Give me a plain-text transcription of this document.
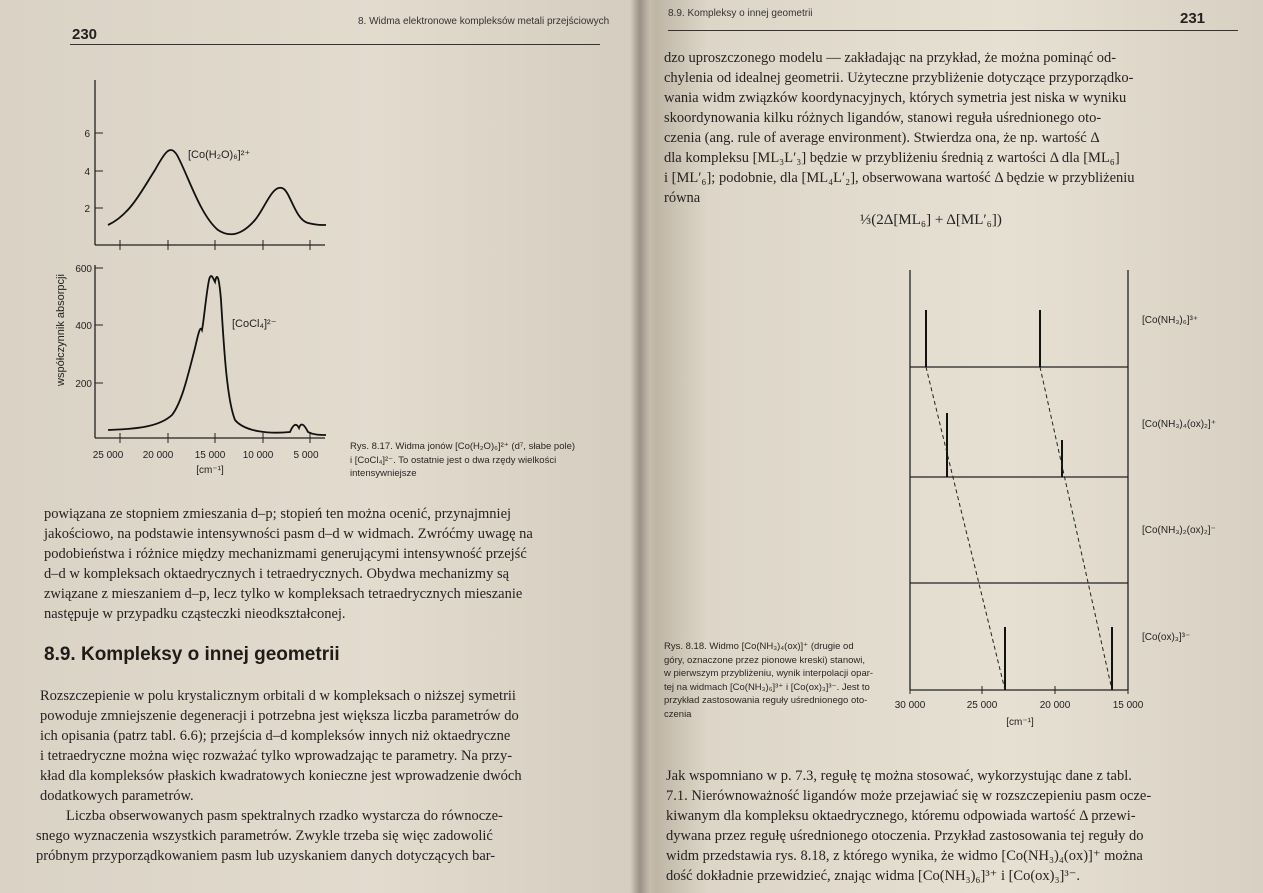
230
8. Widma elektronowe kompleksów metali przejściowych
współczynnik absorpcji
6
4
2
[Co(H₂O)₆]²⁺
600
400
200
[CoCl₄]²⁻
25 000 20 000 15 000 10 000 5 000
[cm⁻¹]
Rys. 8.17. Widma jonów [Co(H₂O)₆]²⁺ (d⁷, słabe pole)
i [CoCl₄]²⁻. To ostatnie jest o dwa rzędy wielkości
intensywniejsze

powiązana ze stopniem zmieszania d–p; stopień ten można ocenić, przynajmniej

jakościowo, na podstawie intensywności pasm d–d w widmach. Zwróćmy uwagę na

podobieństwa i różnice między mechanizmami generującymi intensywność przejść

d–d w kompleksach oktaedrycznych i tetraedrycznych. Obydwa mechanizmy są

związane z mieszaniem d–p, lecz tylko w kompleksach tetraedrycznych mieszanie

następuje w przypadku cząsteczki nieodkształconej.

8.9. Kompleksy o innej geometrii

Rozszczepienie w polu krystalicznym orbitali d w kompleksach o niższej symetrii

powoduje zmniejszenie degeneracji i potrzebna jest większa liczba parametrów do

ich opisania (patrz tabl. 6.6); przejścia d–d kompleksów innych niż oktaedryczne

i tetraedryczne można więc rozważać tylko wprowadzając te parametry. Na przy-

kład dla kompleksów płaskich kwadratowych konieczne jest wprowadzenie dwóch

dodatkowych parametrów.

Liczba obserwowanych pasm spektralnych rzadko wystarcza do równocze-

snego wyznaczenia wszystkich parametrów. Zwykle trzeba się więc zadowolić

próbnym przyporządkowaniem pasm lub uzyskaniem danych dotyczących bar-

8.9. Kompleksy o innej geometrii	231

dzo uproszczonego modelu — zakładając na przykład, że można pominąć od-

chylenia od idealnej geometrii. Użyteczne przybliżenie dotyczące przyporządko-

wania widm związków koordynacyjnych, których symetria jest niska w wyniku

skoordynowania kilku różnych ligandów, stanowi reguła uśrednionego oto-

czenia (ang. rule of average environment). Stwierdza ona, że np. wartość Δ

dla kompleksu [ML₃L′₃] będzie w przybliżeniu średnią z wartości Δ dla [ML₆]

i [ML′₆]; podobnie, dla [ML₄L′₂], obserwowana wartość Δ będzie w przybliżeniu

równa

⅓(2Δ[ML₆] + Δ[ML′₆])
30 000	25 000	20 000	15 000
[cm⁻¹]
[Co(NH₃)₆]³⁺
[Co(NH₃)₄(ox)₂]⁺
[Co(NH₃)₂(ox)₂]⁻
[Co(ox)₃]³⁻
Rys. 8.18. Widmo [Co(NH₃)₄(ox)]⁺ (drugie od
góry, oznaczone przez pionowe kreski) stanowi,
w pierwszym przybliżeniu, wynik interpolacji opar-
tej na widmach [Co(NH₃)₆]³⁺ i [Co(ox)₃]³⁻. Jest to
przykład zastosowania reguły uśrednionego oto-
czenia

Jak wspomniano w p. 7.3, regułę tę można stosować, wykorzystując dane z tabl.

7.1. Nierównoważność ligandów może przejawiać się w rozszczepieniu pasm ocze-

kiwanym dla kompleksu oktaedrycznego, któremu odpowiada wartość Δ przewi-

dywana przez regułę uśrednionego otoczenia. Przykład zastosowania tej reguły do

widm przedstawia rys. 8.18, z którego wynika, że widmo [Co(NH₃)₄(ox)]⁺ można

dość dokładnie przewidzieć, znając widma [Co(NH₃)₆]³⁺ i [Co(ox)₃]³⁻.
